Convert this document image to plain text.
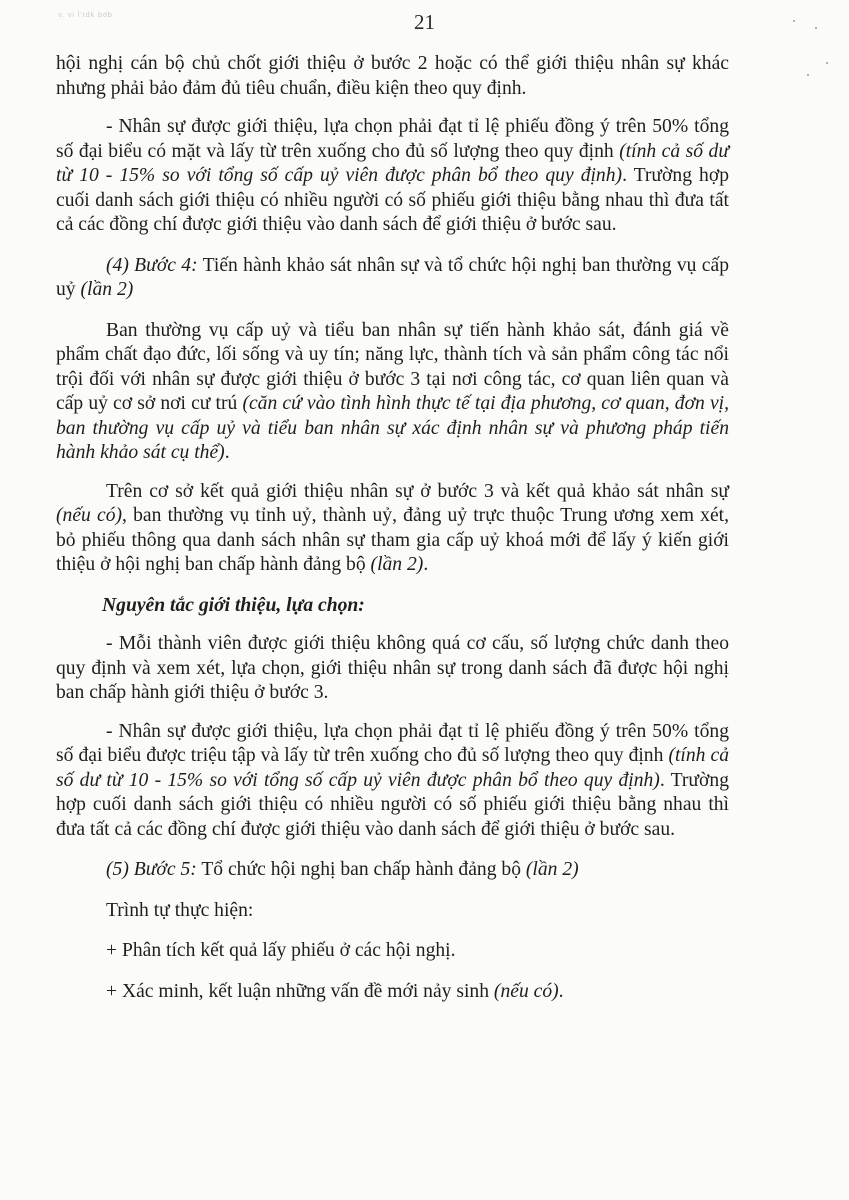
v. vi l'tdk bdb	21

hội nghị cán bộ chủ chốt giới thiệu ở bước 2 hoặc có thể giới thiệu nhân sự khác nhưng phải bảo đảm đủ tiêu chuẩn, điều kiện theo quy định.

- Nhân sự được giới thiệu, lựa chọn phải đạt tỉ lệ phiếu đồng ý trên 50% tổng số đại biểu có mặt và lấy từ trên xuống cho đủ số lượng theo quy định (tính cả số dư từ 10 - 15% so với tổng số cấp uỷ viên được phân bổ theo quy định). Trường hợp cuối danh sách giới thiệu có nhiều người có số phiếu giới thiệu bằng nhau thì đưa tất cả các đồng chí được giới thiệu vào danh sách để giới thiệu ở bước sau.

(4) Bước 4: Tiến hành khảo sát nhân sự và tổ chức hội nghị ban thường vụ cấp uỷ (lần 2)

Ban thường vụ cấp uỷ và tiểu ban nhân sự tiến hành khảo sát, đánh giá về phẩm chất đạo đức, lối sống và uy tín; năng lực, thành tích và sản phẩm công tác nổi trội đối với nhân sự được giới thiệu ở bước 3 tại nơi công tác, cơ quan liên quan và cấp uỷ cơ sở nơi cư trú (căn cứ vào tình hình thực tế tại địa phương, cơ quan, đơn vị, ban thường vụ cấp uỷ và tiểu ban nhân sự xác định nhân sự và phương pháp tiến hành khảo sát cụ thể).

Trên cơ sở kết quả giới thiệu nhân sự ở bước 3 và kết quả khảo sát nhân sự (nếu có), ban thường vụ tỉnh uỷ, thành uỷ, đảng uỷ trực thuộc Trung ương xem xét, bỏ phiếu thông qua danh sách nhân sự tham gia cấp uỷ khoá mới để lấy ý kiến giới thiệu ở hội nghị ban chấp hành đảng bộ (lần 2).

Nguyên tắc giới thiệu, lựa chọn:

- Mỗi thành viên được giới thiệu không quá cơ cấu, số lượng chức danh theo quy định và xem xét, lựa chọn, giới thiệu nhân sự trong danh sách đã được hội nghị ban chấp hành giới thiệu ở bước 3.

- Nhân sự được giới thiệu, lựa chọn phải đạt tỉ lệ phiếu đồng ý trên 50% tổng số đại biểu được triệu tập và lấy từ trên xuống cho đủ số lượng theo quy định (tính cả số dư từ 10 - 15% so với tổng số cấp uỷ viên được phân bổ theo quy định). Trường hợp cuối danh sách giới thiệu có nhiều người có số phiếu giới thiệu bằng nhau thì đưa tất cả các đồng chí được giới thiệu vào danh sách để giới thiệu ở bước sau.

(5) Bước 5: Tổ chức hội nghị ban chấp hành đảng bộ (lần 2)

Trình tự thực hiện:

+ Phân tích kết quả lấy phiếu ở các hội nghị.

+ Xác minh, kết luận những vấn đề mới nảy sinh (nếu có).
